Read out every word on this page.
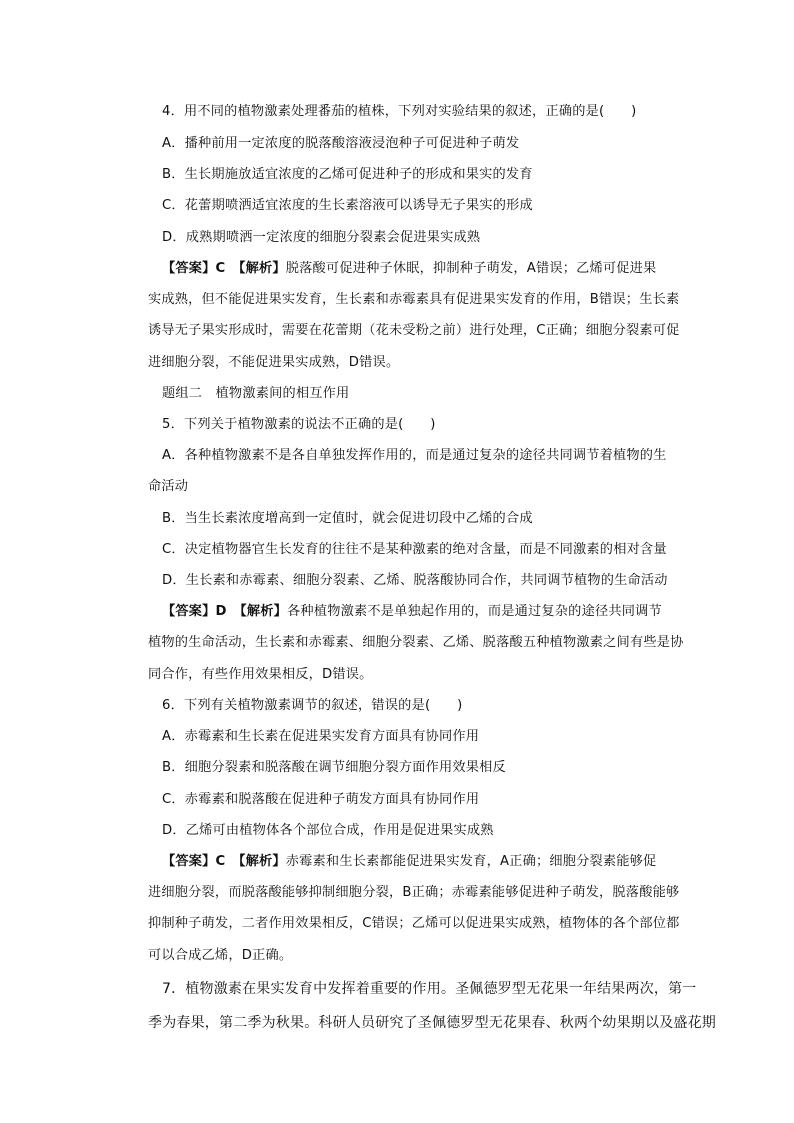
4．用不同的植物激素处理番茄的植株，下列对实验结果的叙述，正确的是(　　)
A．播种前用一定浓度的脱落酸溶液浸泡种子可促进种子萌发
B．生长期施放适宜浓度的乙烯可促进种子的形成和果实的发育
C．花蕾期喷洒适宜浓度的生长素溶液可以诱导无子果实的形成
D．成熟期喷洒一定浓度的细胞分裂素会促进果实成熟
【答案】C　【解析】脱落酸可促进种子休眠，抑制种子萌发，A错误；乙烯可促进果
实成熟，但不能促进果实发育，生长素和赤霉素具有促进果实发育的作用，B错误；生长素
诱导无子果实形成时，需要在花蕾期（花未受粉之前）进行处理，C正确；细胞分裂素可促
进细胞分裂，不能促进果实成熟，D错误。
题组二　植物激素间的相互作用
5．下列关于植物激素的说法不正确的是(　　)
A．各种植物激素不是各自单独发挥作用的，而是通过复杂的途径共同调节着植物的生
命活动
B．当生长素浓度增高到一定值时，就会促进切段中乙烯的合成
C．决定植物器官生长发育的往往不是某种激素的绝对含量，而是不同激素的相对含量
D．生长素和赤霉素、细胞分裂素、乙烯、脱落酸协同合作，共同调节植物的生命活动
【答案】D　【解析】各种植物激素不是单独起作用的，而是通过复杂的途径共同调节
植物的生命活动，生长素和赤霉素、细胞分裂素、乙烯、脱落酸五种植物激素之间有些是协
同合作，有些作用效果相反，D错误。
6．下列有关植物激素调节的叙述，错误的是(　　)
A．赤霉素和生长素在促进果实发育方面具有协同作用
B．细胞分裂素和脱落酸在调节细胞分裂方面作用效果相反
C．赤霉素和脱落酸在促进种子萌发方面具有协同作用
D．乙烯可由植物体各个部位合成，作用是促进果实成熟
【答案】C　【解析】赤霉素和生长素都能促进果实发育，A正确；细胞分裂素能够促
进细胞分裂，而脱落酸能够抑制细胞分裂，B正确；赤霉素能够促进种子萌发，脱落酸能够
抑制种子萌发，二者作用效果相反，C错误；乙烯可以促进果实成熟，植物体的各个部位都
可以合成乙烯，D正确。
7．植物激素在果实发育中发挥着重要的作用。圣佩德罗型无花果一年结果两次，第一
季为春果，第二季为秋果。科研人员研究了圣佩德罗型无花果春、秋两个幼果期以及盛花期
